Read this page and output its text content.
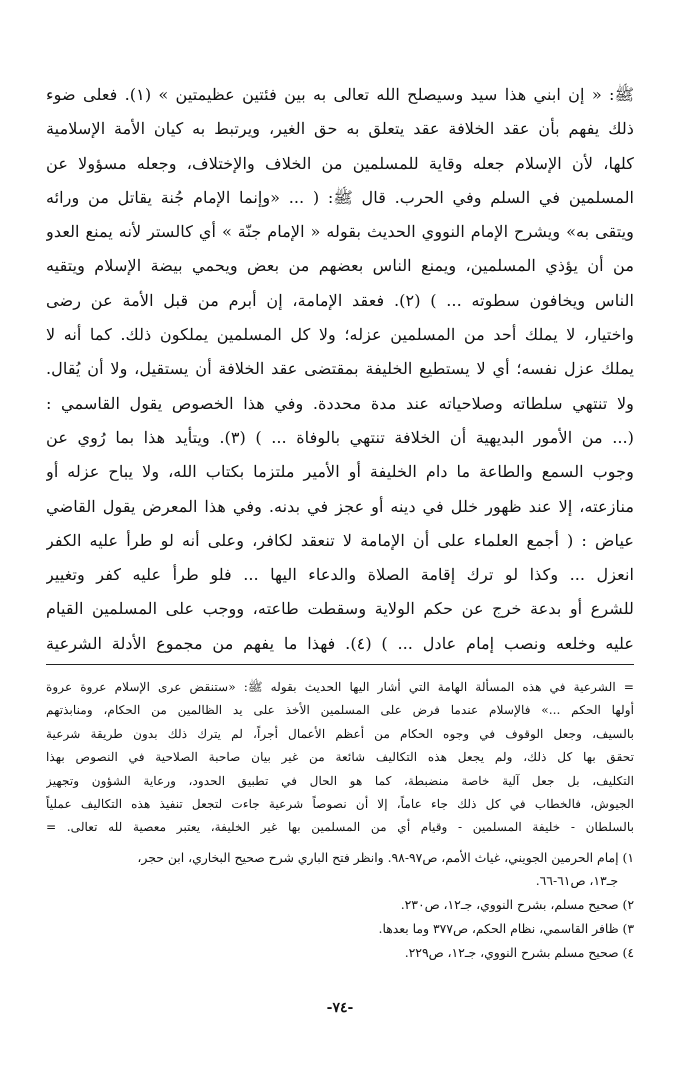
ﷺ: « إن ابني هذا سيد وسيصلح الله تعالى به بين فئتين عظيمتين » (١). فعلى ضوء
ذلك يفهم بأن عقد الخلافة عقد يتعلق به حق الغير، ويرتبط به كيان الأمة الإسلامية
كلها، لأن الإسلام جعله وقاية للمسلمين من الخلاف والإختلاف، وجعله مسؤولا عن
المسلمين في السلم وفي الحرب. قال ﷺ: ( ... «وإنما الإمام جُنة يقاتل من ورائه
ويتقى به» ويشرح الإمام النووي الحديث بقوله « الإمام جنّة » أي كالستر لأنه يمنع العدو
من أن يؤذي المسلمين، ويمنع الناس بعضهم من بعض ويحمي بيضة الإسلام ويتقيه
الناس ويخافون سطوته ... ) (٢). فعقد الإمامة، إن أبرم من قبل الأمة عن رضى
واختيار، لا يملك أحد من المسلمين عزله؛ ولا كل المسلمين يملكون ذلك. كما أنه لا
يملك عزل نفسه؛ أي لا يستطيع الخليفة بمقتضى عقد الخلافة أن يستقيل، ولا أن يُقال.
ولا تنتهي سلطاته وصلاحياته عند مدة محددة. وفي هذا الخصوص يقول القاسمي :
(... من الأمور البديهية أن الخلافة تنتهي بالوفاة ... ) (٣). ويتأيد هذا بما رُوي عن
وجوب السمع والطاعة ما دام الخليفة أو الأمير ملتزما بكتاب الله، ولا يباح عزله أو
منازعته، إلا عند ظهور خلل في دينه أو عجز في بدنه. وفي هذا المعرض يقول القاضي
عياض : ( أجمع العلماء على أن الإمامة لا تنعقد لكافر، وعلى أنه لو طرأ عليه الكفر
انعزل ... وكذا لو ترك إقامة الصلاة والدعاء اليها ... فلو طرأ عليه كفر وتغيير
للشرع أو بدعة خرج عن حكم الولاية وسقطت طاعته، ووجب على المسلمين القيام
عليه وخلعه ونصب إمام عادل ... ) (٤). فهذا ما يفهم من مجموع الأدلة الشرعية
= الشرعية في هذه المسألة الهامة التي أشار اليها الحديث بقوله ﷺ: «ستنقض عرى الإسلام عروة عروة
أولها الحكم ...» فالإسلام عندما فرض على المسلمين الأخذ على يد الظالمين من الحكام، ومنابذتهم
بالسيف، وجعل الوقوف في وجوه الحكام من أعظم الأعمال أجراً، لم يترك ذلك بدون طريقة شرعية
تحقق بها كل ذلك، ولم يجعل هذه التكاليف شائعة من غير بيان صاحبة الصلاحية في النصوص بهذا
التكليف، بل جعل آلية خاصة منضبطة، كما هو الحال في تطبيق الحدود، ورعاية الشؤون وتجهيز
الجيوش، فالخطاب في كل ذلك جاء عاماً، إلا أن نصوصاً شرعية جاءت لتجعل تنفيذ هذه التكاليف عملياً
بالسلطان - خليفة المسلمين - وقيام أي من المسلمين بها غير الخليفة، يعتبر معصية لله تعالى. =
١) إمام الحرمين الجويني، غياث الأمم، ص٩٧-٩٨. وانظر فتح الباري شرح صحيح البخاري، ابن حجر،
جـ١٣، ص٦١-٦٦.
٢) صحيح مسلم، بشرح النووي، جـ١٢، ص٢٣٠.
٣) ظافر القاسمي، نظام الحكم، ص٣٧٧ وما بعدها.
٤) صحيح مسلم بشرح النووي، جـ١٢، ص٢٢٩.
-٧٤-
